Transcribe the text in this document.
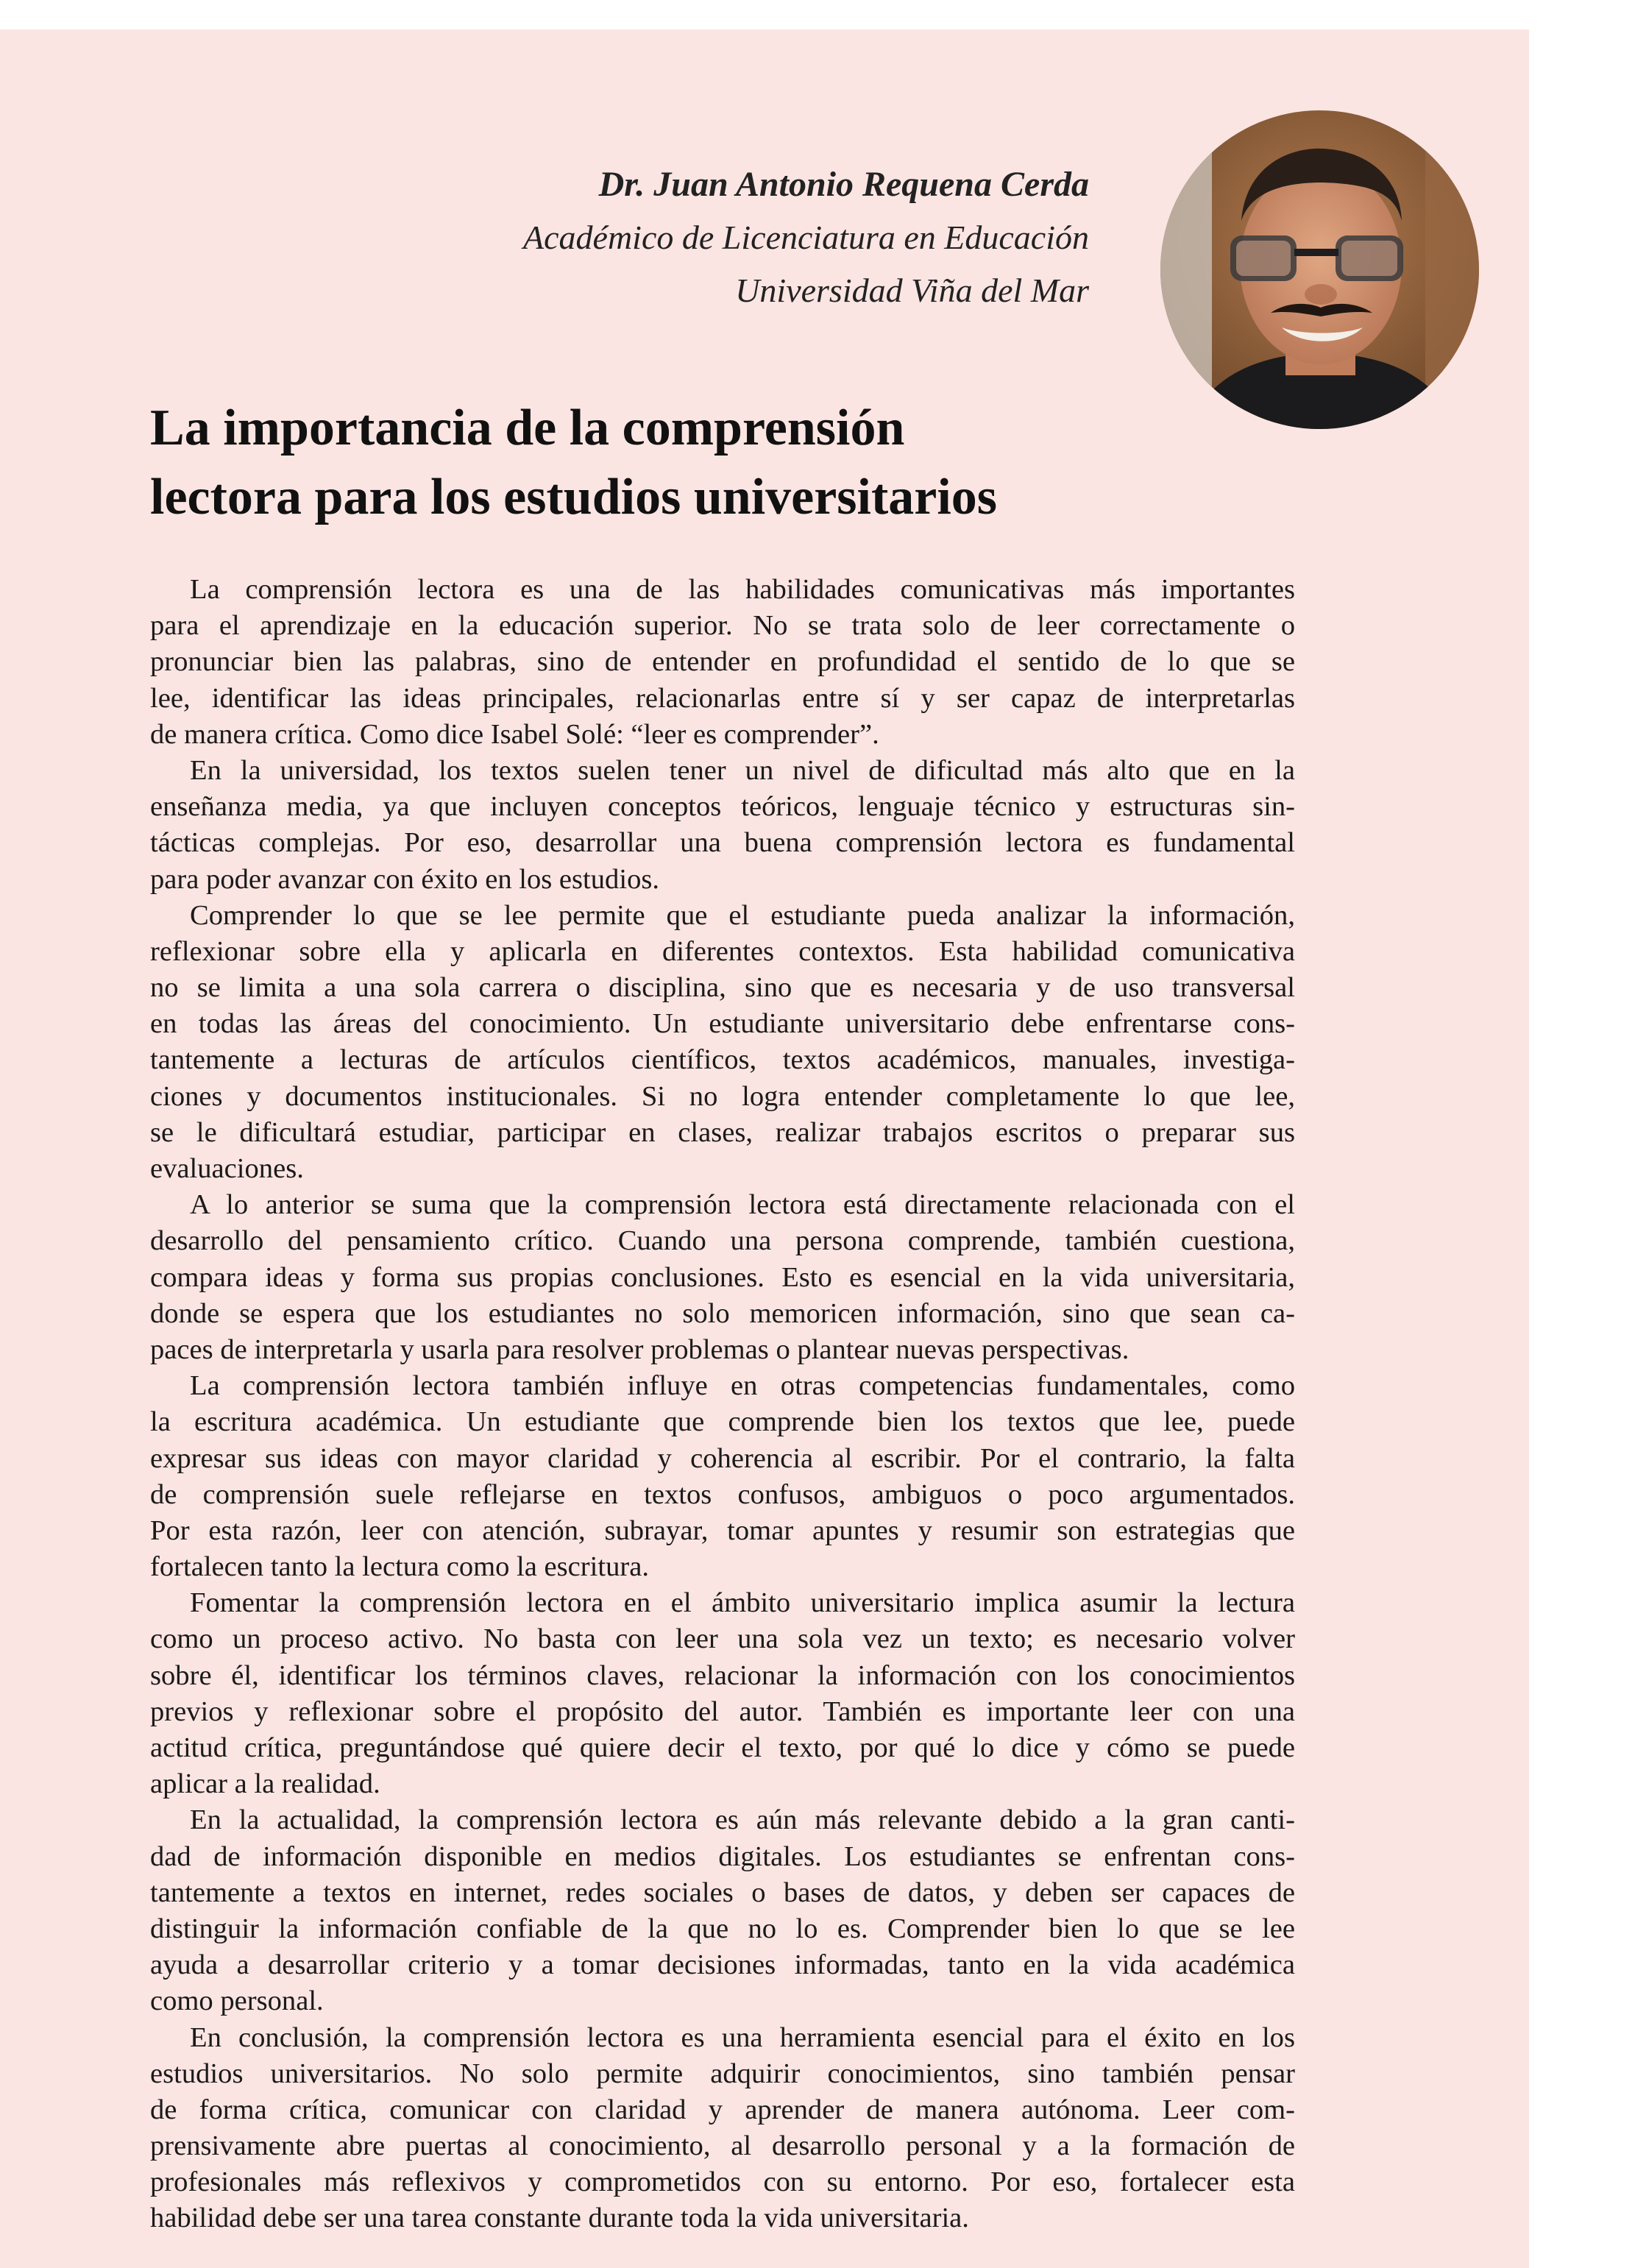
Dr. Juan Antonio Requena Cerda
Académico de Licenciatura en Educación
Universidad Viña del Mar
La importancia de la comprensión
lectora para los estudios universitarios
La comprensión lectora es una de las habilidades comunicativas más importantes
para el aprendizaje en la educación superior. No se trata solo de leer correctamente o
pronunciar bien las palabras, sino de entender en profundidad el sentido de lo que se
lee, identificar las ideas principales, relacionarlas entre sí y ser capaz de interpretarlas
de manera crítica. Como dice Isabel Solé: “leer es comprender”.
En la universidad, los textos suelen tener un nivel de dificultad más alto que en la
enseñanza media, ya que incluyen conceptos teóricos, lenguaje técnico y estructuras sin-
tácticas complejas. Por eso, desarrollar una buena comprensión lectora es fundamental
para poder avanzar con éxito en los estudios.
Comprender lo que se lee permite que el estudiante pueda analizar la información,
reflexionar sobre ella y aplicarla en diferentes contextos. Esta habilidad comunicativa
no se limita a una sola carrera o disciplina, sino que es necesaria y de uso transversal
en todas las áreas del conocimiento. Un estudiante universitario debe enfrentarse cons-
tantemente a lecturas de artículos científicos, textos académicos, manuales, investiga-
ciones y documentos institucionales. Si no logra entender completamente lo que lee,
se le dificultará estudiar, participar en clases, realizar trabajos escritos o preparar sus
evaluaciones.
A lo anterior se suma que la comprensión lectora está directamente relacionada con el
desarrollo del pensamiento crítico. Cuando una persona comprende, también cuestiona,
compara ideas y forma sus propias conclusiones. Esto es esencial en la vida universitaria,
donde se espera que los estudiantes no solo memoricen información, sino que sean ca-
paces de interpretarla y usarla para resolver problemas o plantear nuevas perspectivas.
La comprensión lectora también influye en otras competencias fundamentales, como
la escritura académica. Un estudiante que comprende bien los textos que lee, puede
expresar sus ideas con mayor claridad y coherencia al escribir. Por el contrario, la falta
de comprensión suele reflejarse en textos confusos, ambiguos o poco argumentados.
Por esta razón, leer con atención, subrayar, tomar apuntes y resumir son estrategias que
fortalecen tanto la lectura como la escritura.
Fomentar la comprensión lectora en el ámbito universitario implica asumir la lectura
como un proceso activo. No basta con leer una sola vez un texto; es necesario volver
sobre él, identificar los términos claves, relacionar la información con los conocimientos
previos y reflexionar sobre el propósito del autor. También es importante leer con una
actitud crítica, preguntándose qué quiere decir el texto, por qué lo dice y cómo se puede
aplicar a la realidad.
En la actualidad, la comprensión lectora es aún más relevante debido a la gran canti-
dad de información disponible en medios digitales. Los estudiantes se enfrentan cons-
tantemente a textos en internet, redes sociales o bases de datos, y deben ser capaces de
distinguir la información confiable de la que no lo es. Comprender bien lo que se lee
ayuda a desarrollar criterio y a tomar decisiones informadas, tanto en la vida académica
como personal.
En conclusión, la comprensión lectora es una herramienta esencial para el éxito en los
estudios universitarios. No solo permite adquirir conocimientos, sino también pensar
de forma crítica, comunicar con claridad y aprender de manera autónoma. Leer com-
prensivamente abre puertas al conocimiento, al desarrollo personal y a la formación de
profesionales más reflexivos y comprometidos con su entorno. Por eso, fortalecer esta
habilidad debe ser una tarea constante durante toda la vida universitaria.
